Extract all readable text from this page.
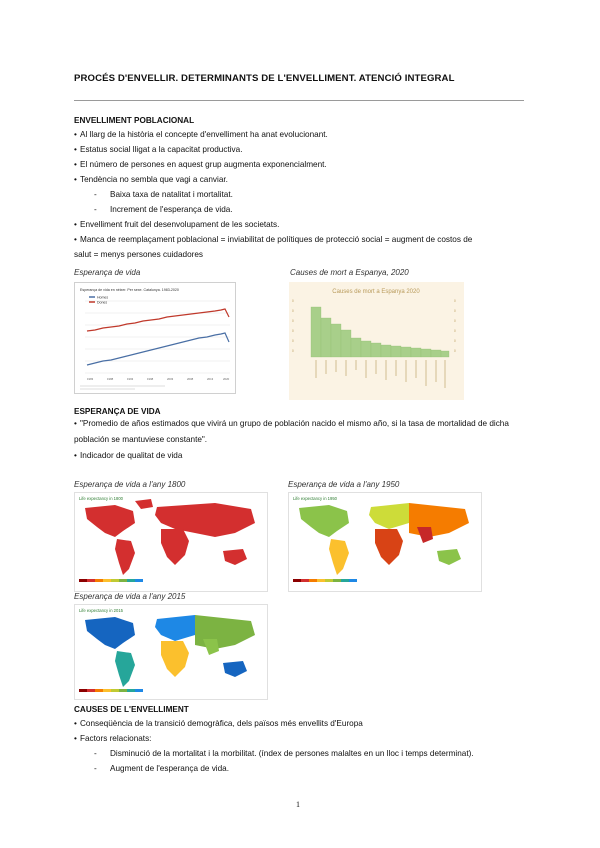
PROCÉS D'ENVELLIR. DETERMINANTS DE L'ENVELLIMENT. ATENCIÓ INTEGRAL
ENVELLIMENT POBLACIONAL
• Al llarg de la història el concepte d'envelliment ha anat evolucionant.
• Estatus social lligat a la capacitat productiva.
• El número de persones en aquest grup augmenta exponencialment.
• Tendència no sembla que vagi a canviar.
- Baixa taxa de natalitat i mortalitat.
- Increment de l'esperança de vida.
• Envelliment fruit del desenvolupament de les societats.
• Manca de reemplaçament poblacional = inviabilitat de polítiques de protecció social = augment de costos de
salut = menys persones cuidadores
Esperança de vida	Causes de mort a Espanya, 2020
Esperança de vida en néixer. Per sexe. Catalunya. 1983-2020
Homes
Dones
1983	1988	1993	1998	2003	2008	2013	2020
Causes de mort a Espanya 2020
0
0
0
0
0
0
0
0
0
0
0
0
ESPERANÇA DE VIDA
• "Promedio de años estimados que vivirá un grupo de población nacido el mismo año, si la tasa de mortalidad de dicha población se mantuviese constante".
• Indicador de qualitat de vida
Esperança de vida a l'any 1800	Esperança de vida a l'any 1950
Life expectancy in 1800	Life expectancy in 1950
Esperança de vida a l'any 2015
Life expectancy in 2015
CAUSES DE L'ENVELLIMENT
• Conseqüència de la transició demogràfica, dels països més envellits d'Europa
• Factors relacionats:
- Disminució de la mortalitat i la morbilitat. (índex de persones malaltes en un lloc i temps determinat).
- Augment de l'esperança de vida.
1
